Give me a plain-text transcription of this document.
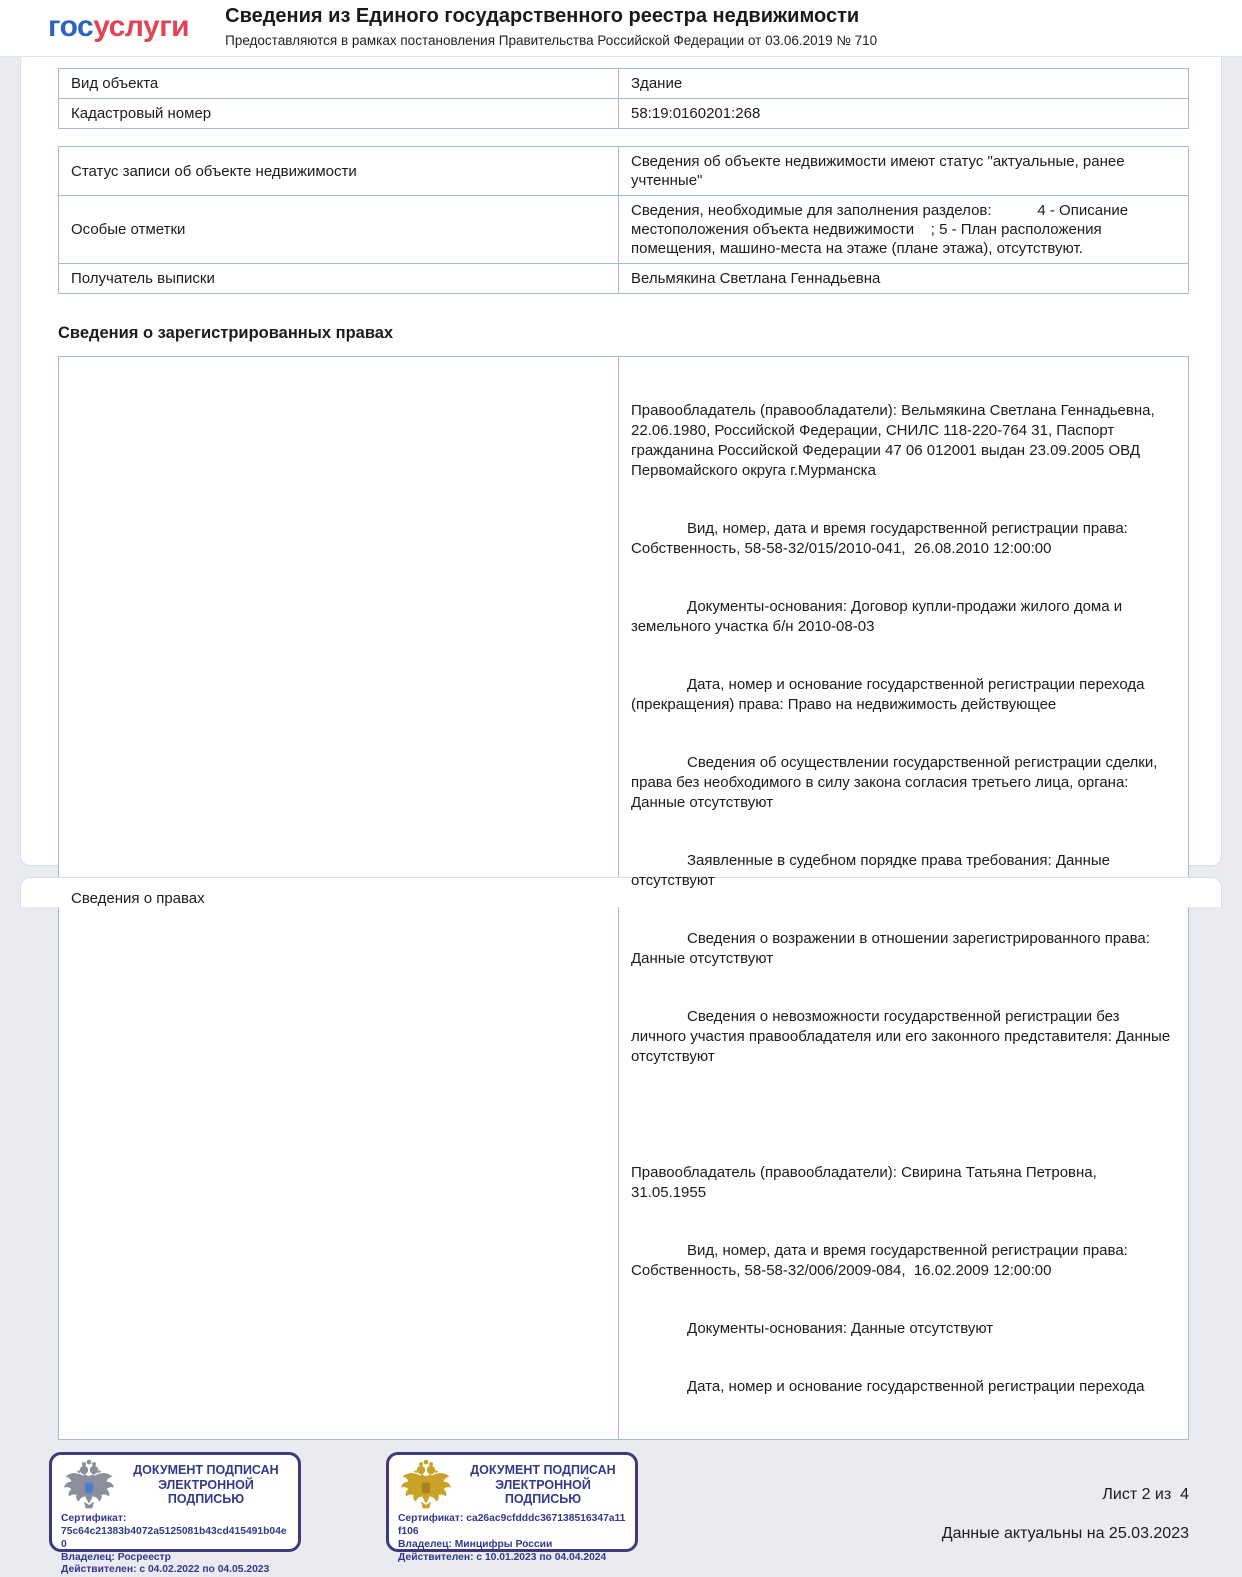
госуслуги Сведения из Единого государственного реестра недвижимости
Предоставляются в рамках постановления Правительства Российской Федерации от 03.06.2019 № 710
Вид объекта	Здание
Кадастровый номер	58:19:0160201:268
Статус записи об объекте недвижимости	Сведения об объекте недвижимости имеют статус "актуальные, ранее учтенные"
Особые отметки	Сведения, необходимые для заполнения разделов:           4 - Описание местоположения объекта недвижимости    ; 5 - План расположения помещения, машино-места на этаже (плане этажа), отсутствуют.
Получатель выписки	Вельмякина Светлана Геннадьевна
Сведения о зарегистрированных правах
Сведения о правах	

Правообладатель (правообладатели): Вельмякина Светлана Геннадьевна, 22.06.1980, Российской Федерации, СНИЛС 118-220-764 31, Паспорт гражданина Российской Федерации 47 06 012001 выдан 23.09.2005 ОВД Первомайского округа г.Мурманска

Вид, номер, дата и время государственной регистрации права: Собственность, 58-58-32/015/2010-041,  26.08.2010 12:00:00

Документы-основания: Договор купли-продажи жилого дома и земельного участка б/н 2010-08-03

Дата, номер и основание государственной регистрации перехода (прекращения) права: Право на недвижимость действующее

Сведения об осуществлении государственной регистрации сделки, права без необходимого в силу закона согласия третьего лица, органа: Данные отсутствуют

Заявленные в судебном порядке права требования: Данные отсутствуют

Сведения о возражении в отношении зарегистрированного права: Данные отсутствуют

Сведения о невозможности государственной регистрации без личного участия правообладателя или его законного представителя: Данные отсутствуют

Правообладатель (правообладатели): Свирина Татьяна Петровна, 31.05.1955

Вид, номер, дата и время государственной регистрации права: Собственность, 58-58-32/006/2009-084,  16.02.2009 12:00:00

Документы-основания: Данные отсутствуют

Дата, номер и основание государственной регистрации перехода

ДОКУМЕНТ ПОДПИСАН ЭЛЕКТРОННОЙ ПОДПИСЬЮ
Сертификат:
75c64c21383b4072a5125081b43cd415491b04e0
Владелец: Росреестр
Действителен: с 04.02.2022 по 04.05.2023
ДОКУМЕНТ ПОДПИСАН ЭЛЕКТРОННОЙ ПОДПИСЬЮ
Сертификат: ca26ac9cfdddc367138516347a11f106
Владелец: Минцифры России
Действителен: с 10.01.2023 по 04.04.2024
Лист 2 из  4
Данные актуальны на 25.03.2023
